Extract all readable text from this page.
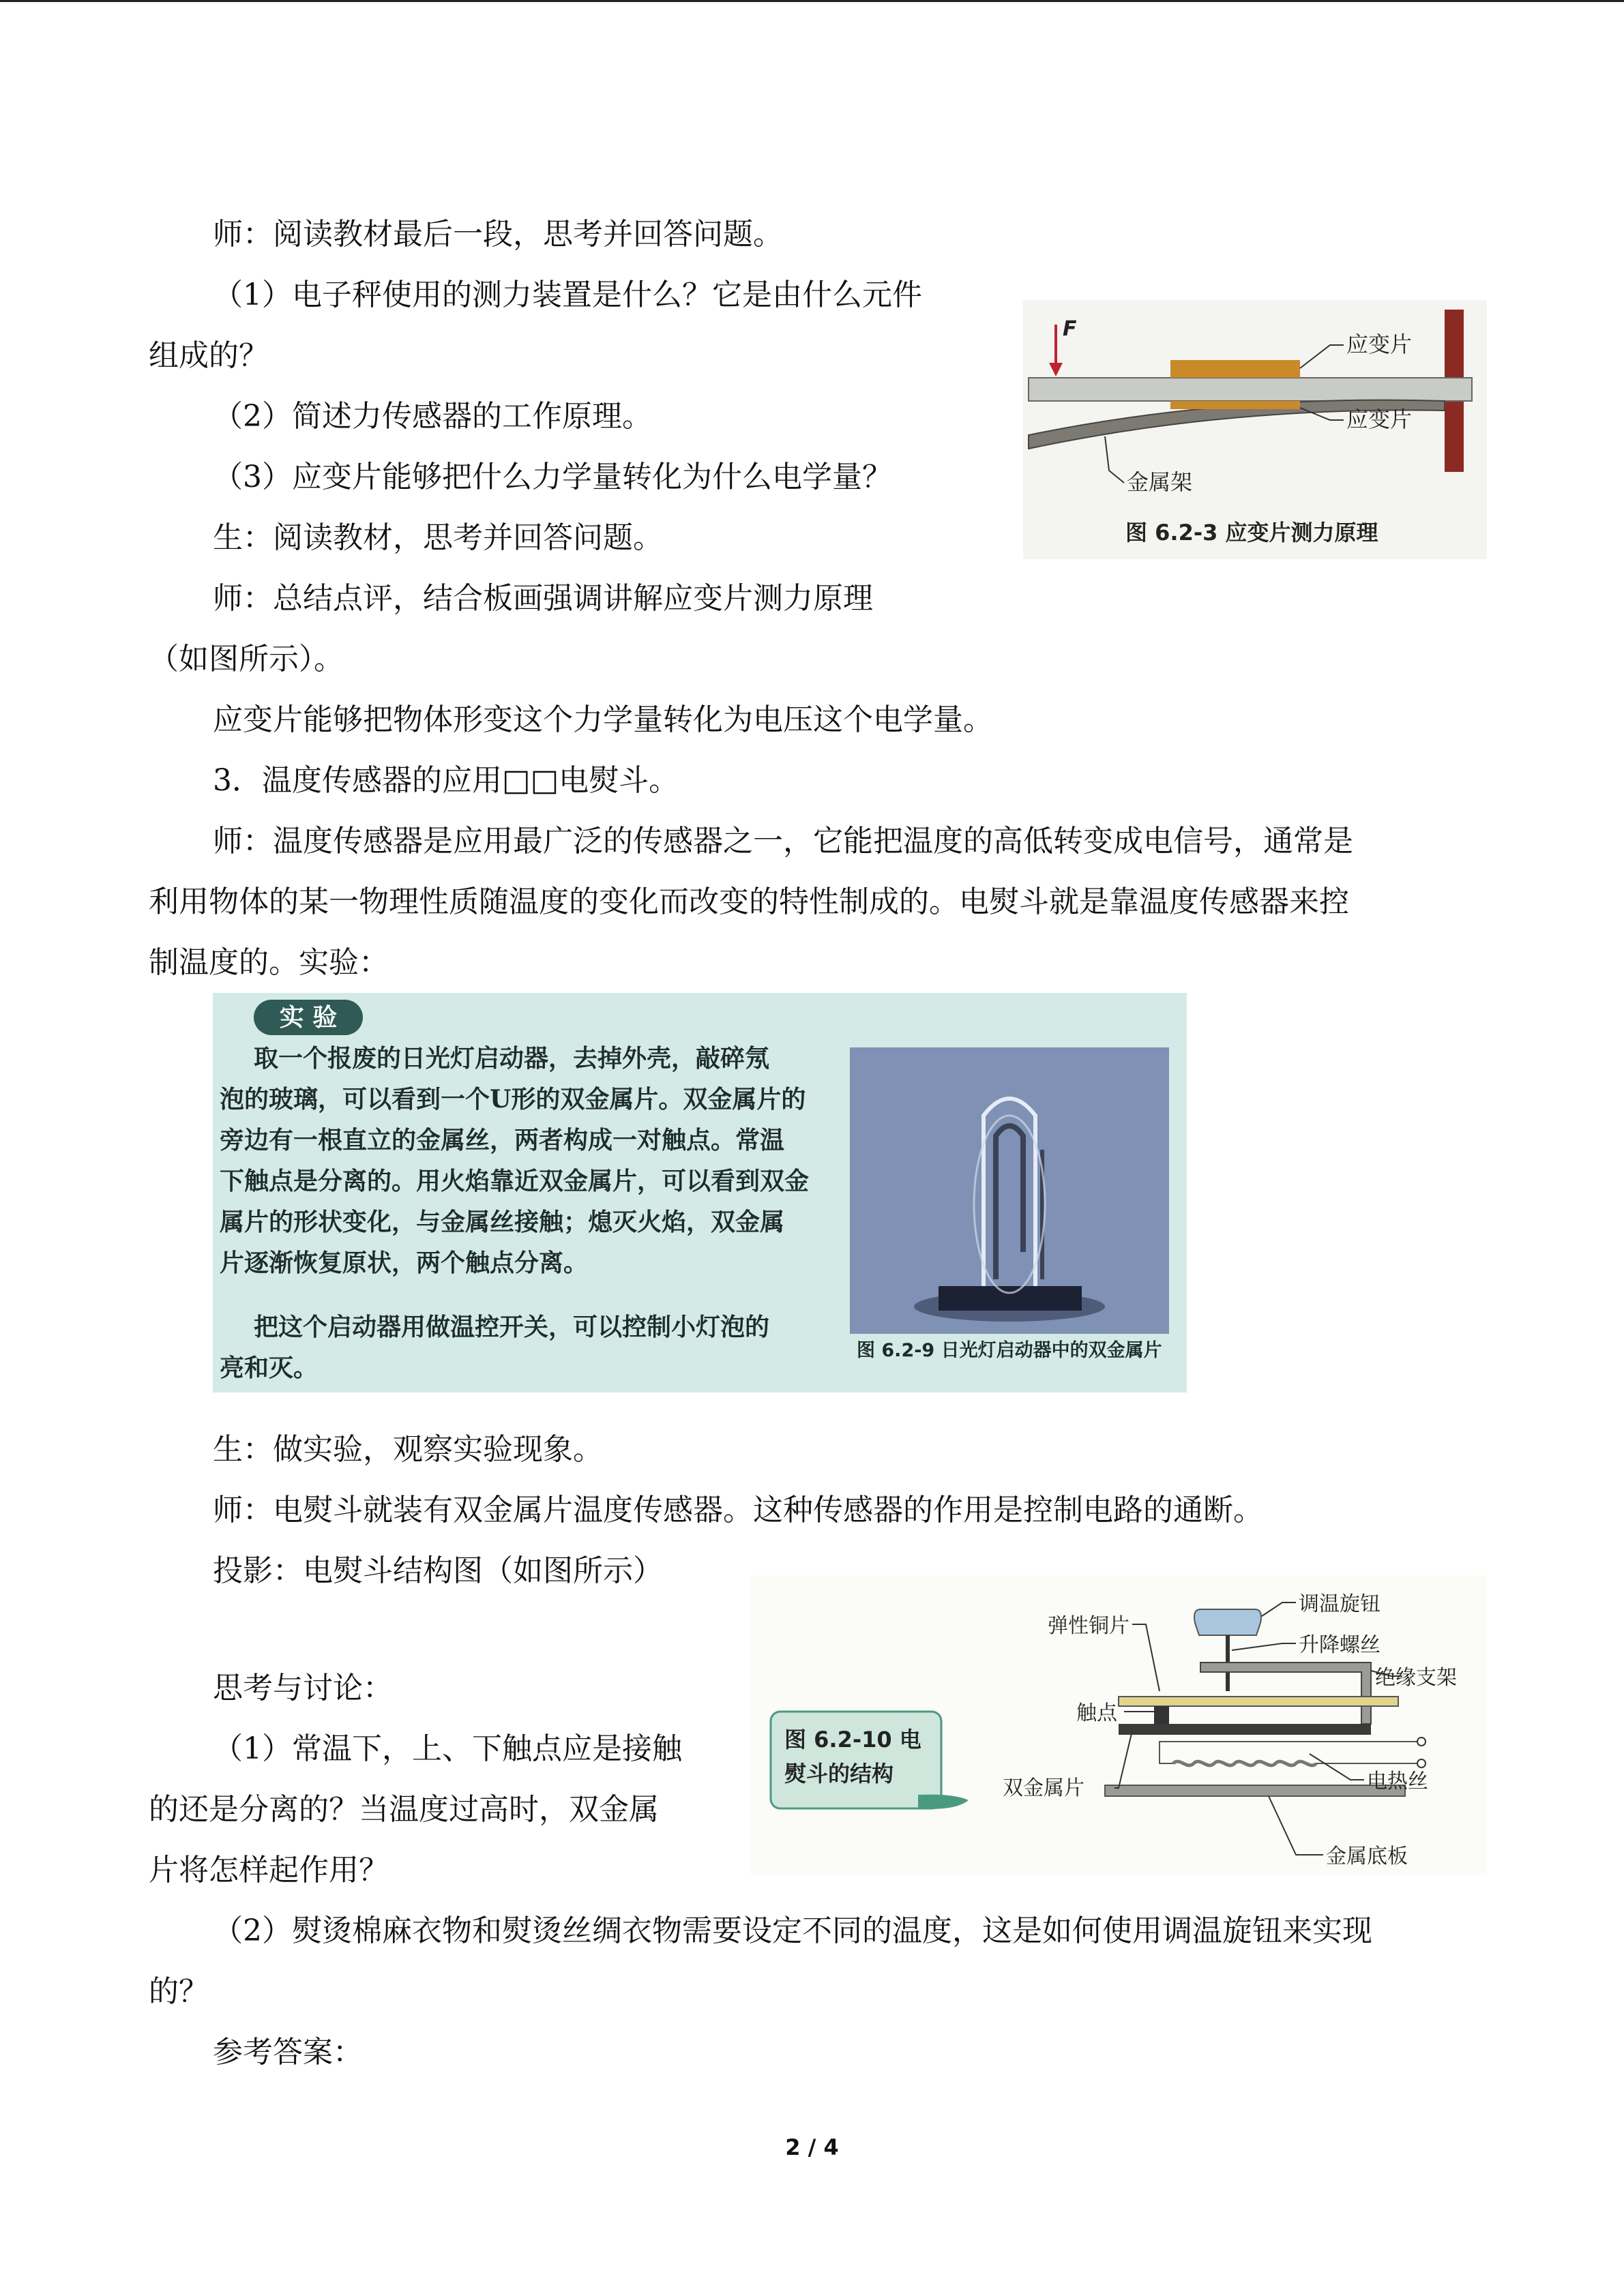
师：阅读教材最后一段，思考并回答问题。

（1）电子秤使用的测力装置是什么？它是由什么元件

组成的？

（2）简述力传感器的工作原理。

（3）应变片能够把什么力学量转化为什么电学量？

生：阅读教材，思考并回答问题。

师：总结点评，结合板画强调讲解应变片测力原理

（如图所示）。

应变片能够把物体形变这个力学量转化为电压这个电学量。

3．温度传感器的应用□□电熨斗。

师：温度传感器是应用最广泛的传感器之一，它能把温度的高低转变成电信号，通常是

利用物体的某一物理性质随温度的变化而改变的特性制成的。电熨斗就是靠温度传感器来控

制温度的。实验：

生：做实验，观察实验现象。

师：电熨斗就装有双金属片温度传感器。这种传感器的作用是控制电路的通断。

投影：电熨斗结构图（如图所示）

思考与讨论：

（1）常温下，上、下触点应是接触

的还是分离的？当温度过高时，双金属

片将怎样起作用？

（2）熨烫棉麻衣物和熨烫丝绸衣物需要设定不同的温度，这是如何使用调温旋钮来实现

的？

参考答案：

F
应变片
应变片
金属架
图 6.2-3 应变片测力原理
实 验
取一个报废的日光灯启动器，去掉外壳，敲碎氖
泡的玻璃，可以看到一个U形的双金属片。双金属片的
旁边有一根直立的金属丝，两者构成一对触点。常温
下触点是分离的。用火焰靠近双金属片，可以看到双金
属片的形状变化，与金属丝接触；熄灭火焰，双金属
片逐渐恢复原状，两个触点分离。
把这个启动器用做温控开关，可以控制小灯泡的
亮和灭。
图 6.2-9 日光灯启动器中的双金属片
图 6.2-10 电
熨斗的结构
调温旋钮
升降螺丝
弹性铜片
绝缘支架
触点
双金属片	电热丝
金属底板
2 / 4
